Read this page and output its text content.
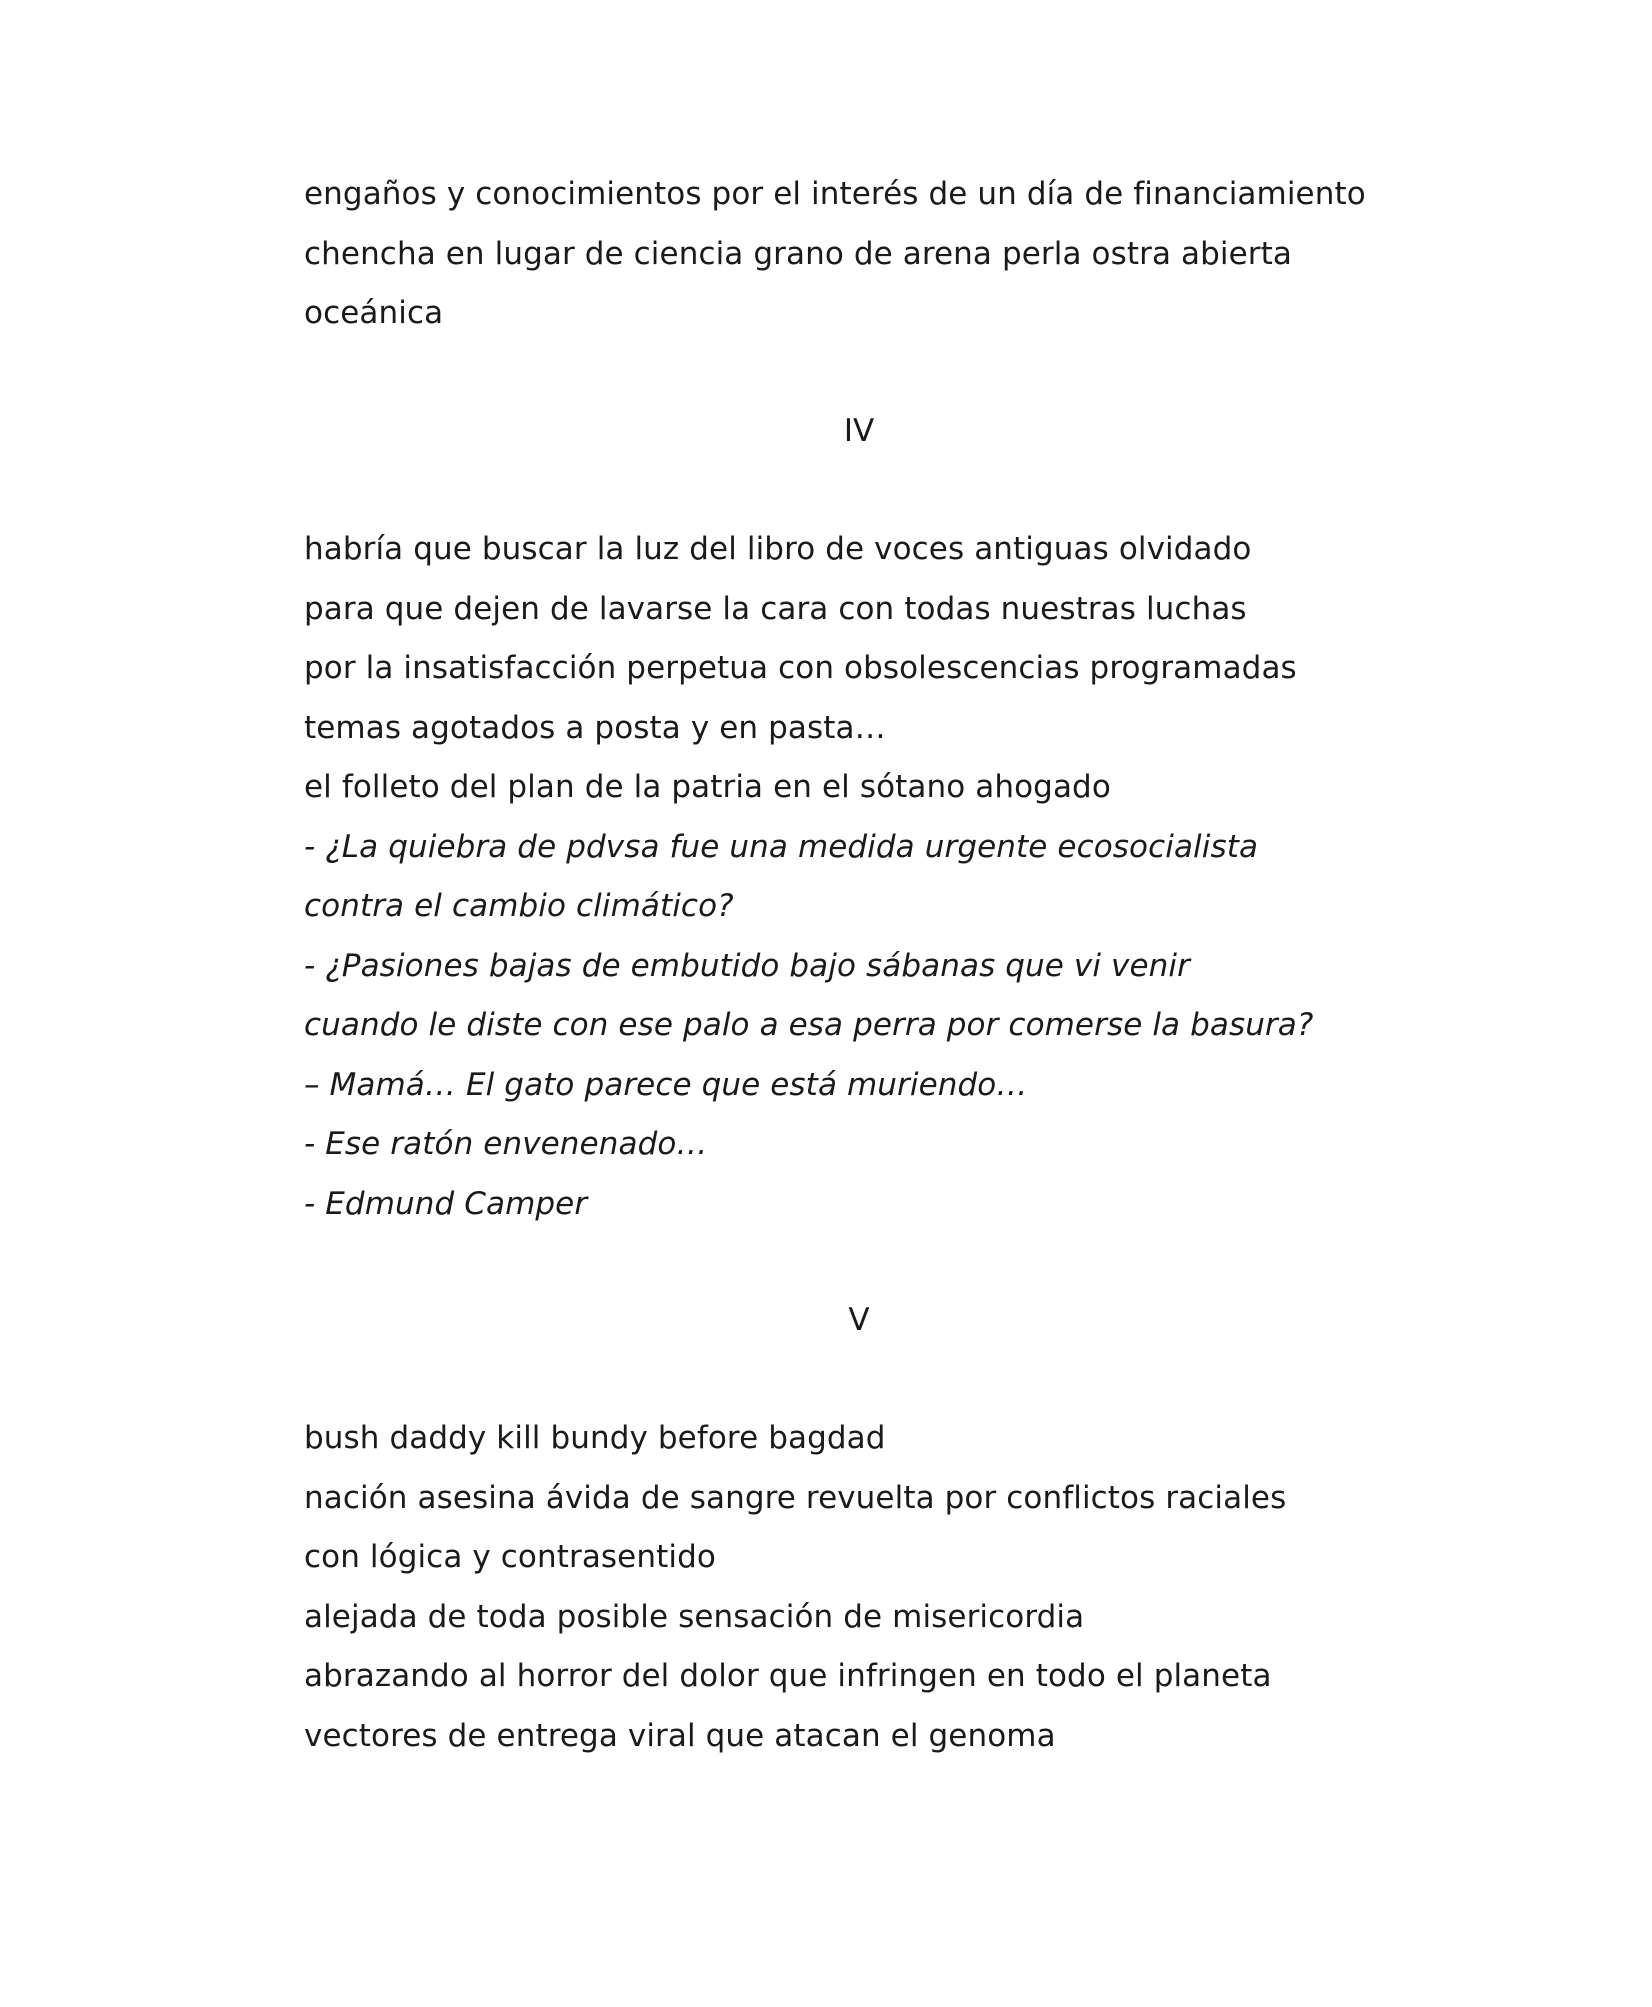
engaños y conocimientos por el interés de un día de financiamiento
chencha en lugar de ciencia grano de arena perla ostra abierta
oceánica
IV
habría que buscar la luz del libro de voces antiguas olvidado
para que dejen de lavarse la cara con todas nuestras luchas
por la insatisfacción perpetua con obsolescencias programadas
temas agotados a posta y en pasta…
el folleto del plan de la patria en el sótano ahogado
- ¿La quiebra de pdvsa fue una medida urgente ecosocialista
contra el cambio climático?
- ¿Pasiones bajas de embutido bajo sábanas que vi venir
cuando le diste con ese palo a esa perra por comerse la basura?
– Mamá… El gato parece que está muriendo…
- Ese ratón envenenado…
- Edmund Camper
V
bush daddy kill bundy before bagdad
nación asesina ávida de sangre revuelta por conflictos raciales
con lógica y contrasentido
alejada de toda posible sensación de misericordia
abrazando al horror del dolor que infringen en todo el planeta
vectores de entrega viral que atacan el genoma
